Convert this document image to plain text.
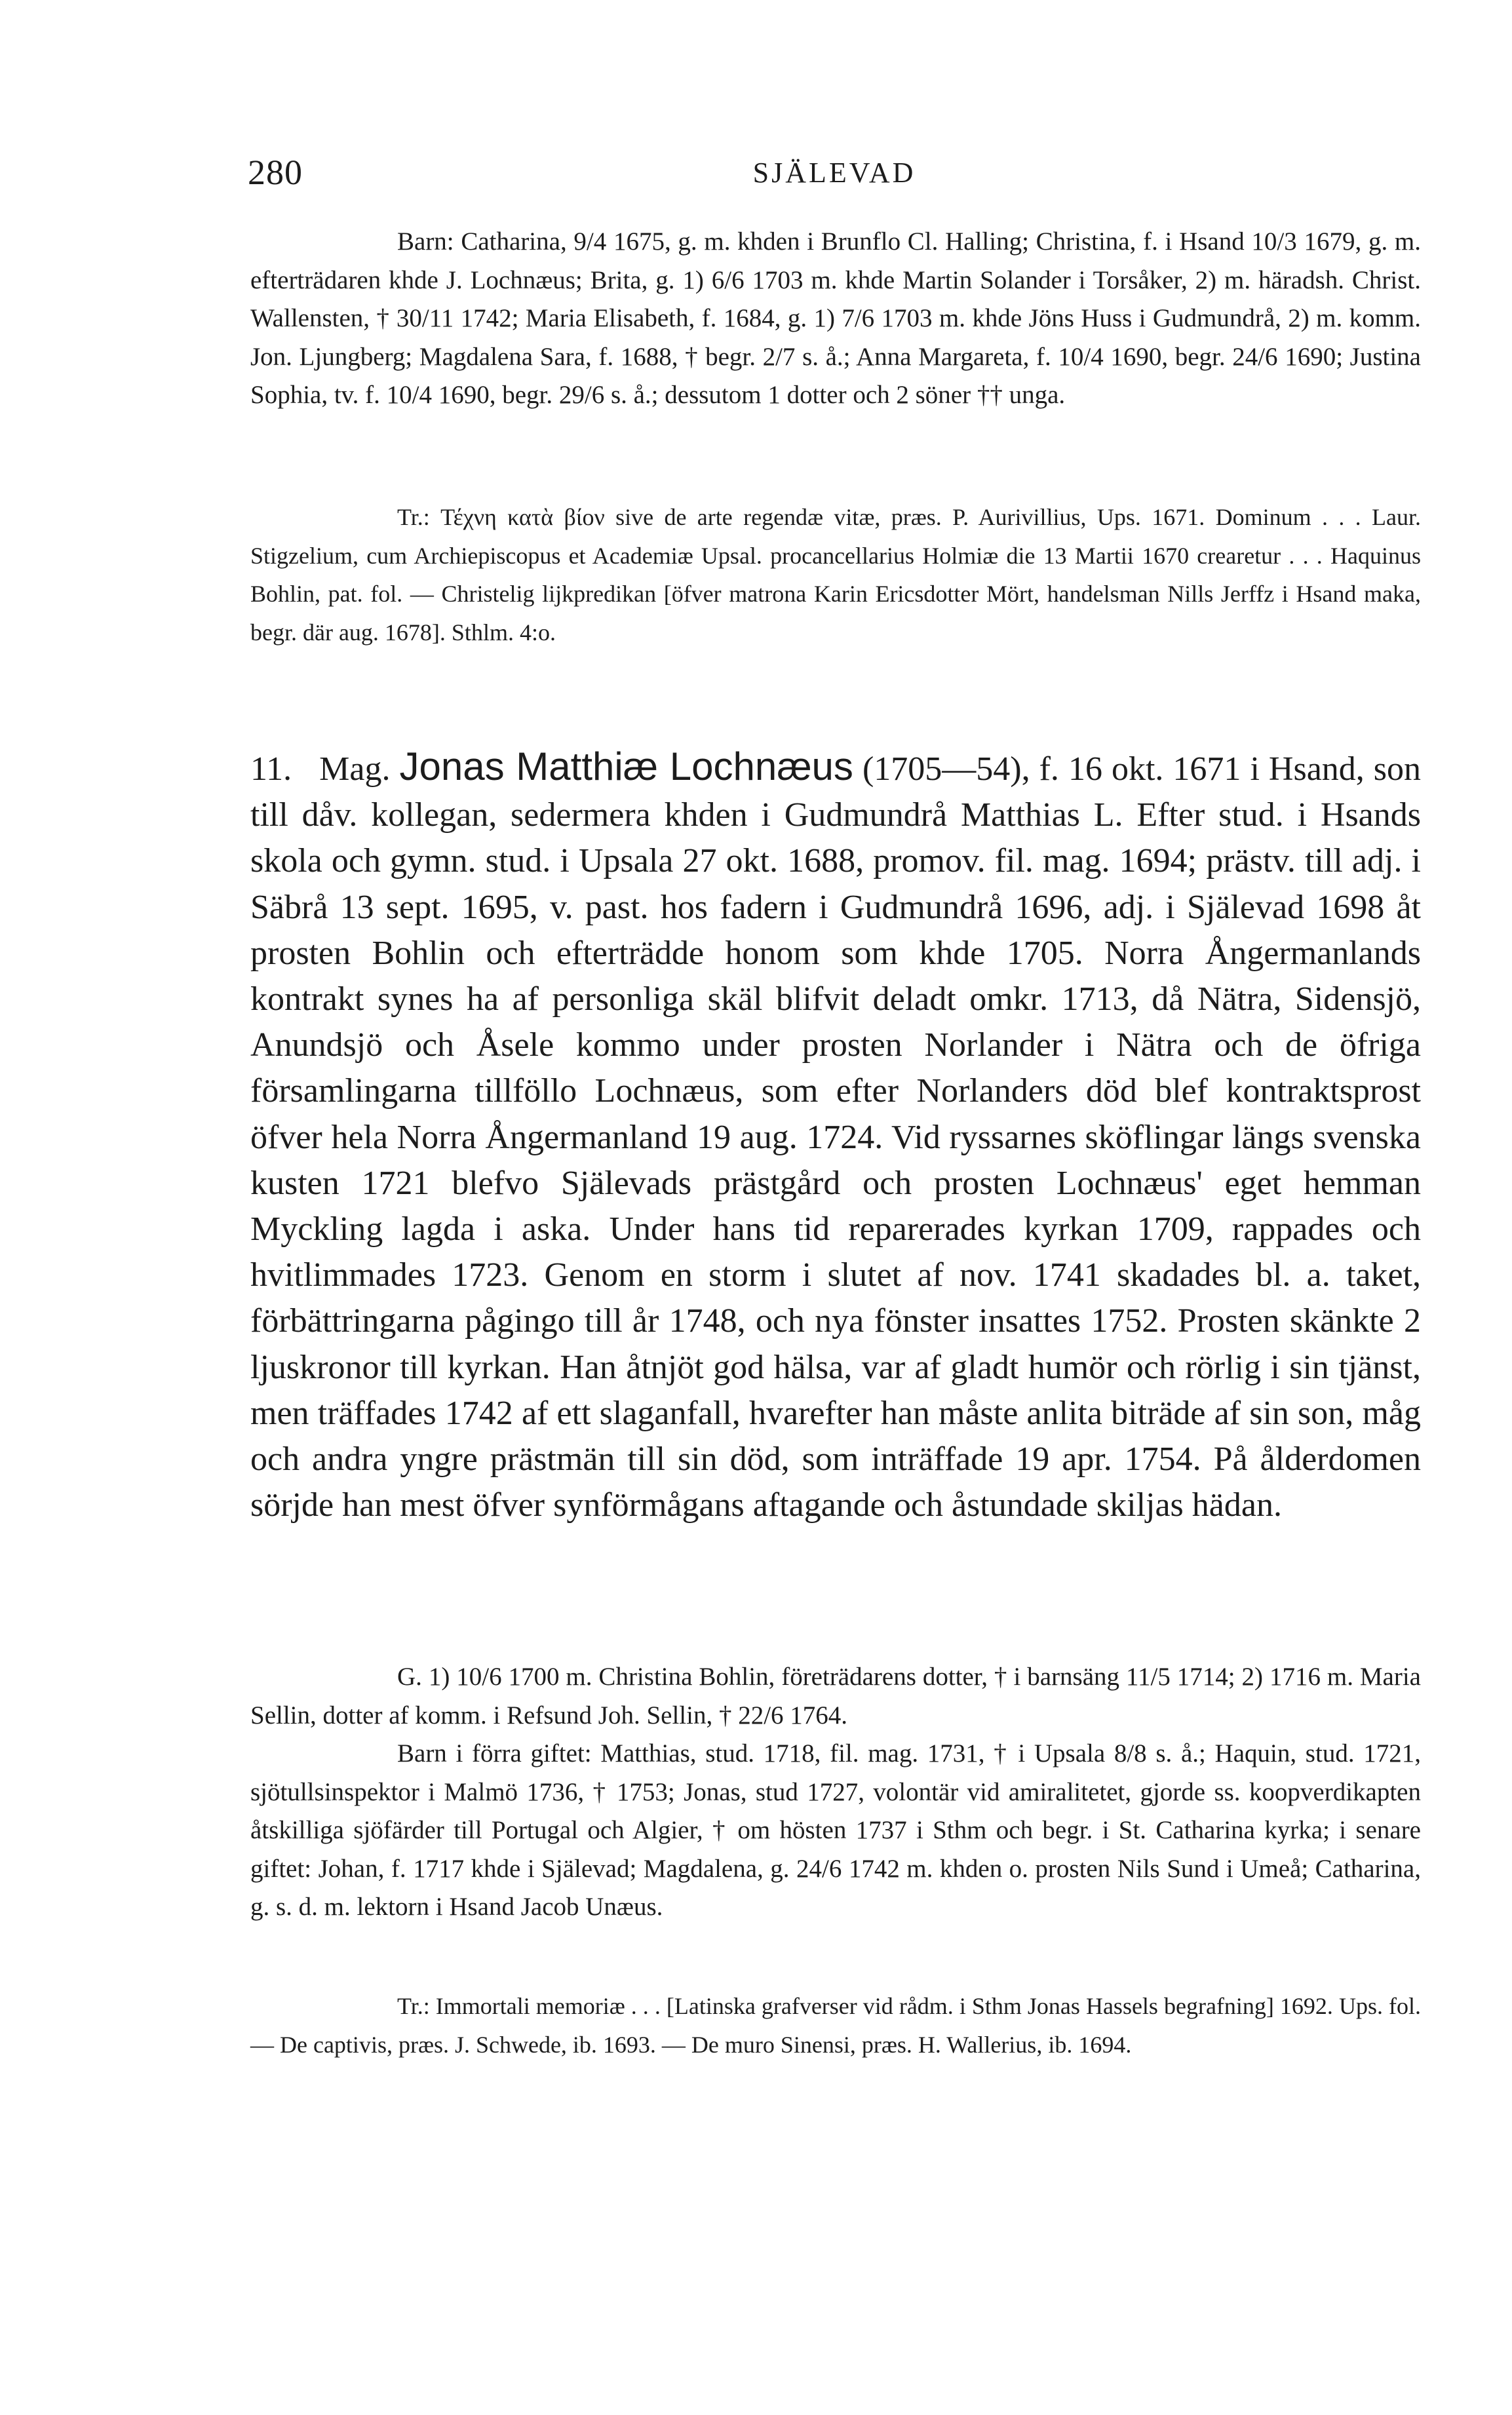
280	SJÄLEVAD

Barn: Catharina, 9/4 1675, g. m. khden i Brunflo Cl. Halling; Christina, f. i Hsand 10/3 1679, g. m. efterträdaren khde J. Lochnæus; Brita, g. 1) 6/6 1703 m. khde Martin Solander i Torsåker, 2) m. häradsh. Christ. Wallensten, † 30/11 1742; Maria Elisabeth, f. 1684, g. 1) 7/6 1703 m. khde Jöns Huss i Gudmundrå, 2) m. komm. Jon. Ljungberg; Magdalena Sara, f. 1688, † begr. 2/7 s. å.; Anna Margareta, f. 10/4 1690, begr. 24/6 1690; Justina Sophia, tv. f. 10/4 1690, begr. 29/6 s. å.; dessutom 1 dotter och 2 söner †† unga.

Tr.: Τέχνη κατὰ βίον sive de arte regendæ vitæ, præs. P. Aurivillius, Ups. 1671. Dominum . . . Laur. Stigzelium, cum Archiepiscopus et Academiæ Upsal. procancellarius Holmiæ die 13 Martii 1670 crearetur . . . Haquinus Bohlin, pat. fol. — Christelig lijkpredikan [öfver matrona Karin Ericsdotter Mört, handelsman Nills Jerffz i Hsand maka, begr. där aug. 1678]. Sthlm. 4:o.

11. Mag. Jonas Matthiæ Lochnæus (1705—54), f. 16 okt. 1671 i Hsand, son till dåv. kollegan, sedermera khden i Gudmundrå Matthias L. Efter stud. i Hsands skola och gymn. stud. i Upsala 27 okt. 1688, promov. fil. mag. 1694; prästv. till adj. i Säbrå 13 sept. 1695, v. past. hos fadern i Gudmundrå 1696, adj. i Själevad 1698 åt prosten Bohlin och efterträdde honom som khde 1705. Norra Ångermanlands kontrakt synes ha af personliga skäl blifvit deladt omkr. 1713, då Nätra, Sidensjö, Anundsjö och Åsele kommo under prosten Norlander i Nätra och de öfriga församlingarna tillföllo Lochnæus, som efter Norlanders död blef kontraktsprost öfver hela Norra Ångermanland 19 aug. 1724. Vid ryssarnes sköflingar längs svenska kusten 1721 blefvo Själevads prästgård och prosten Lochnæus' eget hemman Myckling lagda i aska. Under hans tid reparerades kyrkan 1709, rappades och hvitlimmades 1723. Genom en storm i slutet af nov. 1741 skadades bl. a. taket, förbättringarna pågingo till år 1748, och nya fönster insattes 1752. Prosten skänkte 2 ljuskronor till kyrkan. Han åtnjöt god hälsa, var af gladt humör och rörlig i sin tjänst, men träffades 1742 af ett slaganfall, hvarefter han måste anlita biträde af sin son, måg och andra yngre prästmän till sin död, som inträffade 19 apr. 1754. På ålderdomen sörjde han mest öfver synförmågans aftagande och åstundade skiljas hädan.

G. 1) 10/6 1700 m. Christina Bohlin, företrädarens dotter, † i barnsäng 11/5 1714; 2) 1716 m. Maria Sellin, dotter af komm. i Refsund Joh. Sellin, † 22/6 1764.

Barn i förra giftet: Matthias, stud. 1718, fil. mag. 1731, † i Upsala 8/8 s. å.; Haquin, stud. 1721, sjötullsinspektor i Malmö 1736, † 1753; Jonas, stud 1727, volontär vid amiralitetet, gjorde ss. koopverdikapten åtskilliga sjöfärder till Portugal och Algier, † om hösten 1737 i Sthm och begr. i St. Catharina kyrka; i senare giftet: Johan, f. 1717 khde i Själevad; Magdalena, g. 24/6 1742 m. khden o. prosten Nils Sund i Umeå; Catharina, g. s. d. m. lektorn i Hsand Jacob Unæus.

Tr.: Immortali memoriæ . . . [Latinska grafverser vid rådm. i Sthm Jonas Hassels begrafning] 1692. Ups. fol. — De captivis, præs. J. Schwede, ib. 1693. — De muro Sinensi, præs. H. Wallerius, ib. 1694.
